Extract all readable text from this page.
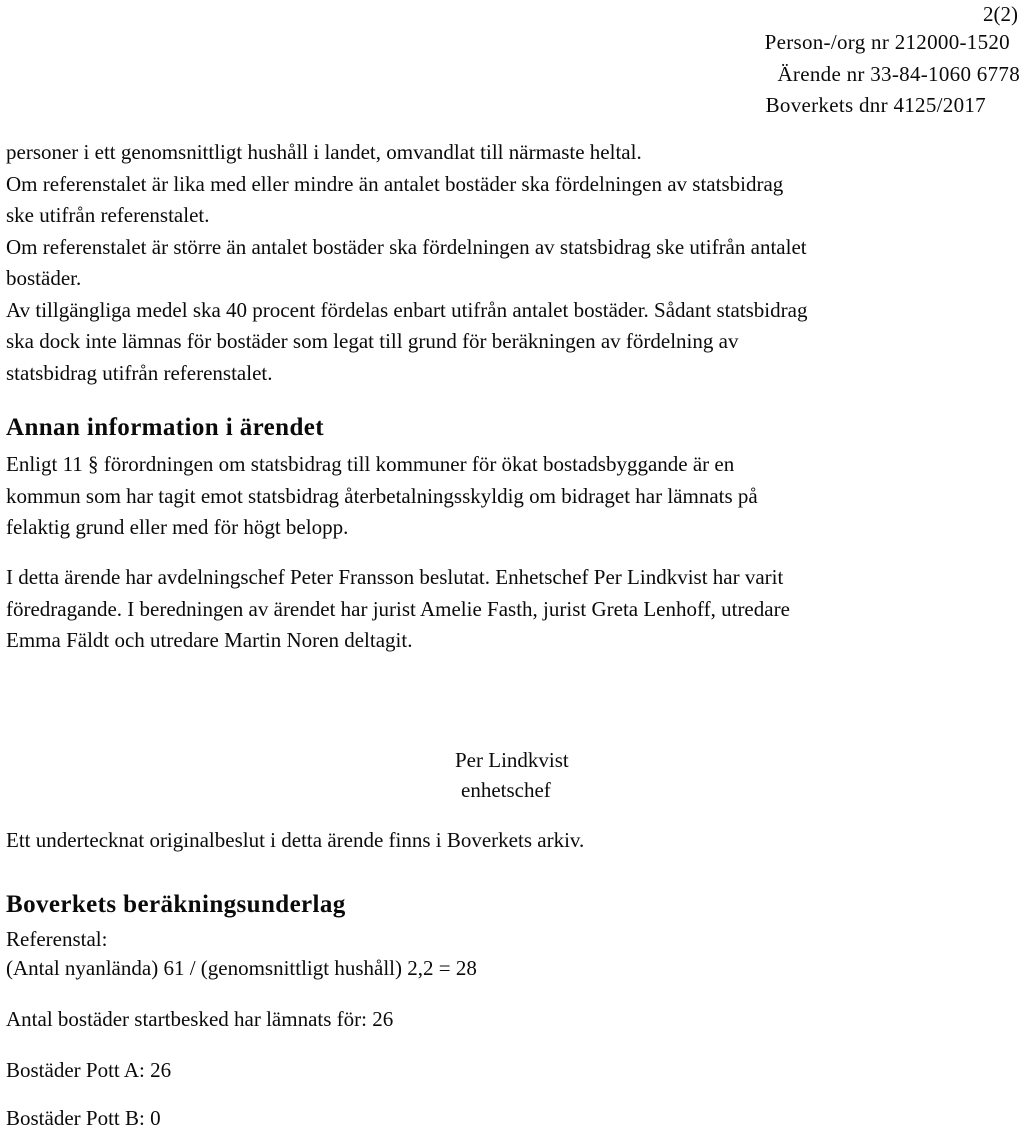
2(2)
Person-/org nr 212000-1520
Ärende nr 33-84-1060 6778
Boverkets dnr 4125/2017
personer i ett genomsnittligt hushåll i landet, omvandlat till närmaste heltal.
Om referenstalet är lika med eller mindre än antalet bostäder ska fördelningen av statsbidrag
ske utifrån referenstalet.
Om referenstalet är större än antalet bostäder ska fördelningen av statsbidrag ske utifrån antalet
bostäder.
Av tillgängliga medel ska 40 procent fördelas enbart utifrån antalet bostäder. Sådant statsbidrag
ska dock inte lämnas för bostäder som legat till grund för beräkningen av fördelning av
statsbidrag utifrån referenstalet.
Annan information i ärendet
Enligt 11 § förordningen om statsbidrag till kommuner för ökat bostadsbyggande är en
kommun som har tagit emot statsbidrag återbetalningsskyldig om bidraget har lämnats på
felaktig grund eller med för högt belopp.
I detta ärende har avdelningschef Peter Fransson beslutat. Enhetschef Per Lindkvist har varit
föredragande. I beredningen av ärendet har jurist Amelie Fasth, jurist Greta Lenhoff, utredare
Emma Fäldt och utredare Martin Noren deltagit.
Per Lindkvist
enhetschef
Ett undertecknat originalbeslut i detta ärende finns i Boverkets arkiv.
Boverkets beräkningsunderlag
Referenstal:
(Antal nyanlända) 61 / (genomsnittligt hushåll) 2,2 = 28
Antal bostäder startbesked har lämnats för: 26
Bostäder Pott A: 26
Bostäder Pott B: 0
